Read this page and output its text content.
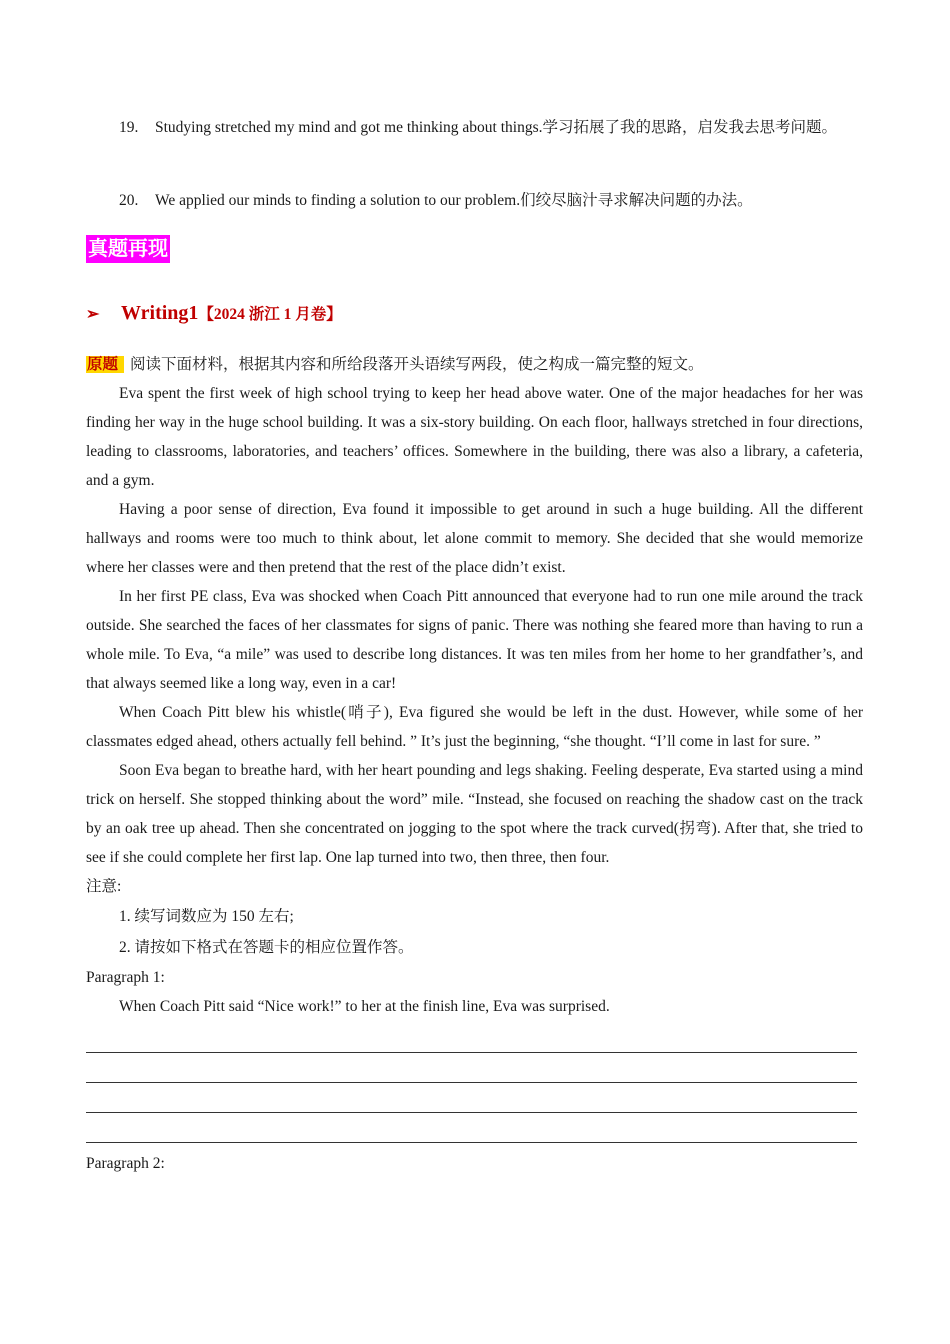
19. Studying stretched my mind and got me thinking about things.学习拓展了我的思路，启发我去思考问题。
20. We applied our minds to finding a solution to our problem.们绞尽脑汁寻求解决问题的办法。
真题再现
➢ Writing1【2024 浙江 1 月卷】

原题 阅读下面材料，根据其内容和所给段落开头语续写两段，使之构成一篇完整的短文。

Eva spent the first week of high school trying to keep her head above water. One of the major headaches for her was finding her way in the huge school building. It was a six-story building. On each floor, hallways stretched in four directions, leading to classrooms, laboratories, and teachers’ offices. Somewhere in the building, there was also a library, a cafeteria, and a gym.

Having a poor sense of direction, Eva found it impossible to get around in such a huge building. All the different hallways and rooms were too much to think about, let alone commit to memory. She decided that she would memorize where her classes were and then pretend that the rest of the place didn’t exist.

In her first PE class, Eva was shocked when Coach Pitt announced that everyone had to run one mile around the track outside. She searched the faces of her classmates for signs of panic. There was nothing she feared more than having to run a whole mile. To Eva, “a mile” was used to describe long distances. It was ten miles from her home to her grandfather’s, and that always seemed like a long way, even in a car!

When Coach Pitt blew his whistle(哨子), Eva figured she would be left in the dust. However, while some of her classmates edged ahead, others actually fell behind. ” It’s just the beginning, “she thought. “I’ll come in last for sure. ”

Soon Eva began to breathe hard, with her heart pounding and legs shaking. Feeling desperate, Eva started using a mind trick on herself. She stopped thinking about the word” mile. “Instead, she focused on reaching the shadow cast on the track by an oak tree up ahead. Then she concentrated on jogging to the spot where the track curved(拐弯). After that, she tried to see if she could complete her first lap. One lap turned into two, then three, then four.

注意:

1. 续写词数应为 150 左右;

2. 请按如下格式在答题卡的相应位置作答。

Paragraph 1:

When Coach Pitt said “Nice work!” to her at the finish line, Eva was surprised.

Paragraph 2:
